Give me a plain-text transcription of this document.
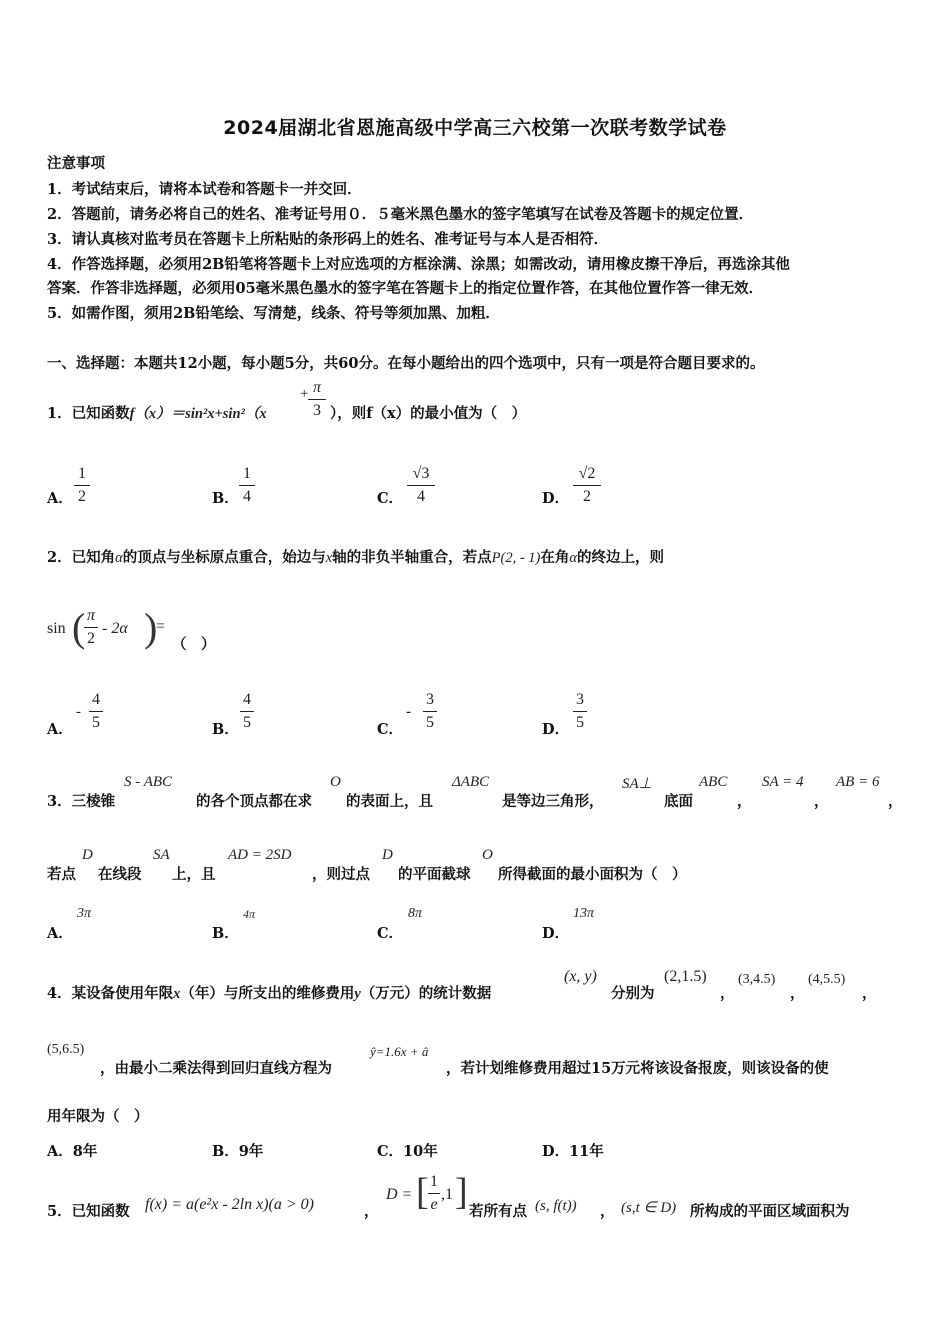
2024届湖北省恩施高级中学高三六校第一次联考数学试卷
注意事项
1．考试结束后，请将本试卷和答题卡一并交回．
2．答题前，请务必将自己的姓名、准考证号用０．５毫米黑色墨水的签字笔填写在试卷及答题卡的规定位置．
3．请认真核对监考员在答题卡上所粘贴的条形码上的姓名、准考证号与本人是否相符．
4．作答选择题，必须用2B铅笔将答题卡上对应选项的方框涂满、涂黑；如需改动，请用橡皮擦干净后，再选涂其他
答案．作答非选择题，必须用05毫米黑色墨水的签字笔在答题卡上的指定位置作答，在其他位置作答一律无效．
5．如需作图，须用2B铅笔绘、写清楚，线条、符号等须加黑、加粗．
一、选择题：本题共12小题，每小题5分，共60分。在每小题给出的四个选项中，只有一项是符合题目要求的。
1．已知函数f（x）＝sin²x+sin²（x
π
3
+
），则f（x）的最小值为（　）
A．
1
2	B．
1
4	C．
√3
4	D．
√2
2
2．已知角α的顶点与坐标原点重合，始边与x轴的非负半轴重合，若点P(2, - 1)在角α的终边上，则
sin ( π
2
- 2α )
=
（　）
A．
-
4
5	B．
4
5	C．
-
3
5	D．
3
5
3．三棱锥
S - ABC
的各个顶点都在求
O
的表面上，且
ΔABC
是等边三角形，
SA⊥
底面
ABC
，
SA = 4
，
AB = 6
，
若点
D
在线段
SA
上，且
AD = 2SD
，则过点
D
的平面截球
O
所得截面的最小面积为（　）
A．
3π
B．
4π
C．
8π
D．
13π
4．某设备使用年限x（年）与所支出的维修费用y（万元）的统计数据
(x, y)
分别为
(2,1.5)
，
(3,4.5)
，
(4,5.5)
，
(5,6.5)
，由最小二乘法得到回归直线方程为
ŷ=1.6x + â
，若计划维修费用超过15万元将该设备报废，则该设备的使
用年限为（　）
A．8年	B．9年	C．10年	D．11年
5．已知函数 f(x) = a(e²x - 2ln x)(a > 0)	，
D = [ 1
e
,1 ] 若所有点 (s, f(t)) ， (s,t ∈ D) 所构成的平面区域面积为
